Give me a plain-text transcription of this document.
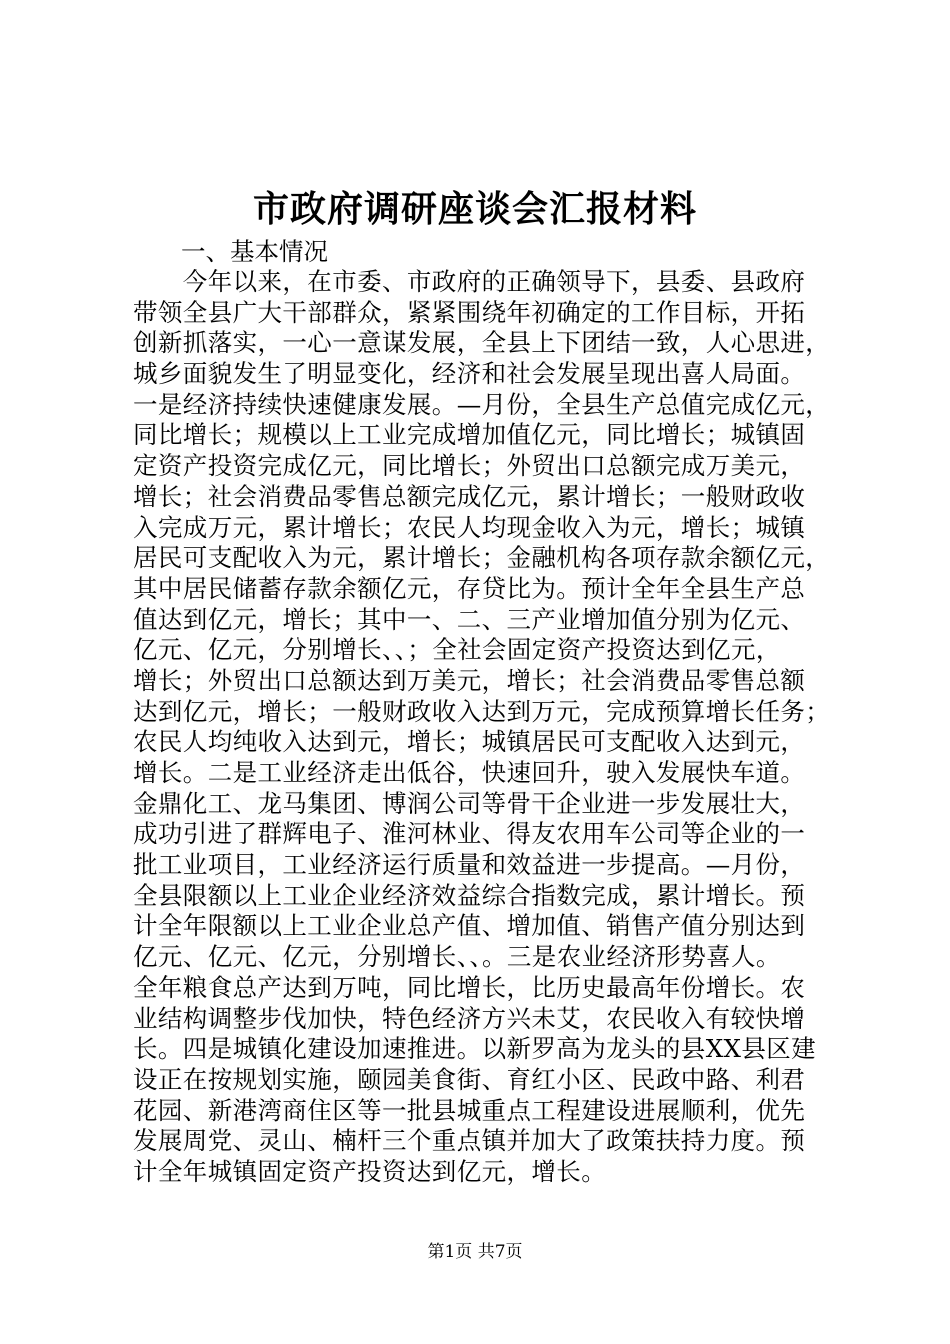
市政府调研座谈会汇报材料
一、基本情况
　　今年以来，在市委、市政府的正确领导下，县委、县政府
带领全县广大干部群众，紧紧围绕年初确定的工作目标，开拓
创新抓落实，一心一意谋发展，全县上下团结一致，人心思进，
城乡面貌发生了明显变化，经济和社会发展呈现出喜人局面。
一是经济持续快速健康发展。—月份，全县生产总值完成亿元，
同比增长；规模以上工业完成增加值亿元，同比增长；城镇固
定资产投资完成亿元，同比增长；外贸出口总额完成万美元，
增长；社会消费品零售总额完成亿元，累计增长；一般财政收
入完成万元，累计增长；农民人均现金收入为元，增长；城镇
居民可支配收入为元，累计增长；金融机构各项存款余额亿元，
其中居民储蓄存款余额亿元，存贷比为。预计全年全县生产总
值达到亿元，增长；其中一、二、三产业增加值分别为亿元、
亿元、亿元，分别增长、、；全社会固定资产投资达到亿元，
增长；外贸出口总额达到万美元，增长；社会消费品零售总额
达到亿元，增长；一般财政收入达到万元，完成预算增长任务；
农民人均纯收入达到元，增长；城镇居民可支配收入达到元，
增长。二是工业经济走出低谷，快速回升，驶入发展快车道。
金鼎化工、龙马集团、博润公司等骨干企业进一步发展壮大，
成功引进了群辉电子、淮河林业、得友农用车公司等企业的一
批工业项目，工业经济运行质量和效益进一步提高。—月份，
全县限额以上工业企业经济效益综合指数完成，累计增长。预
计全年限额以上工业企业总产值、增加值、销售产值分别达到
亿元、亿元、亿元，分别增长、、。三是农业经济形势喜人。
全年粮食总产达到万吨，同比增长，比历史最高年份增长。农
业结构调整步伐加快，特色经济方兴未艾，农民收入有较快增
长。四是城镇化建设加速推进。以新罗高为龙头的县XX县区建
设正在按规划实施，颐园美食街、育红小区、民政中路、利君
花园、新港湾商住区等一批县城重点工程建设进展顺利，优先
发展周党、灵山、楠杆三个重点镇并加大了政策扶持力度。预
计全年城镇固定资产投资达到亿元，增长。
第1页 共7页
